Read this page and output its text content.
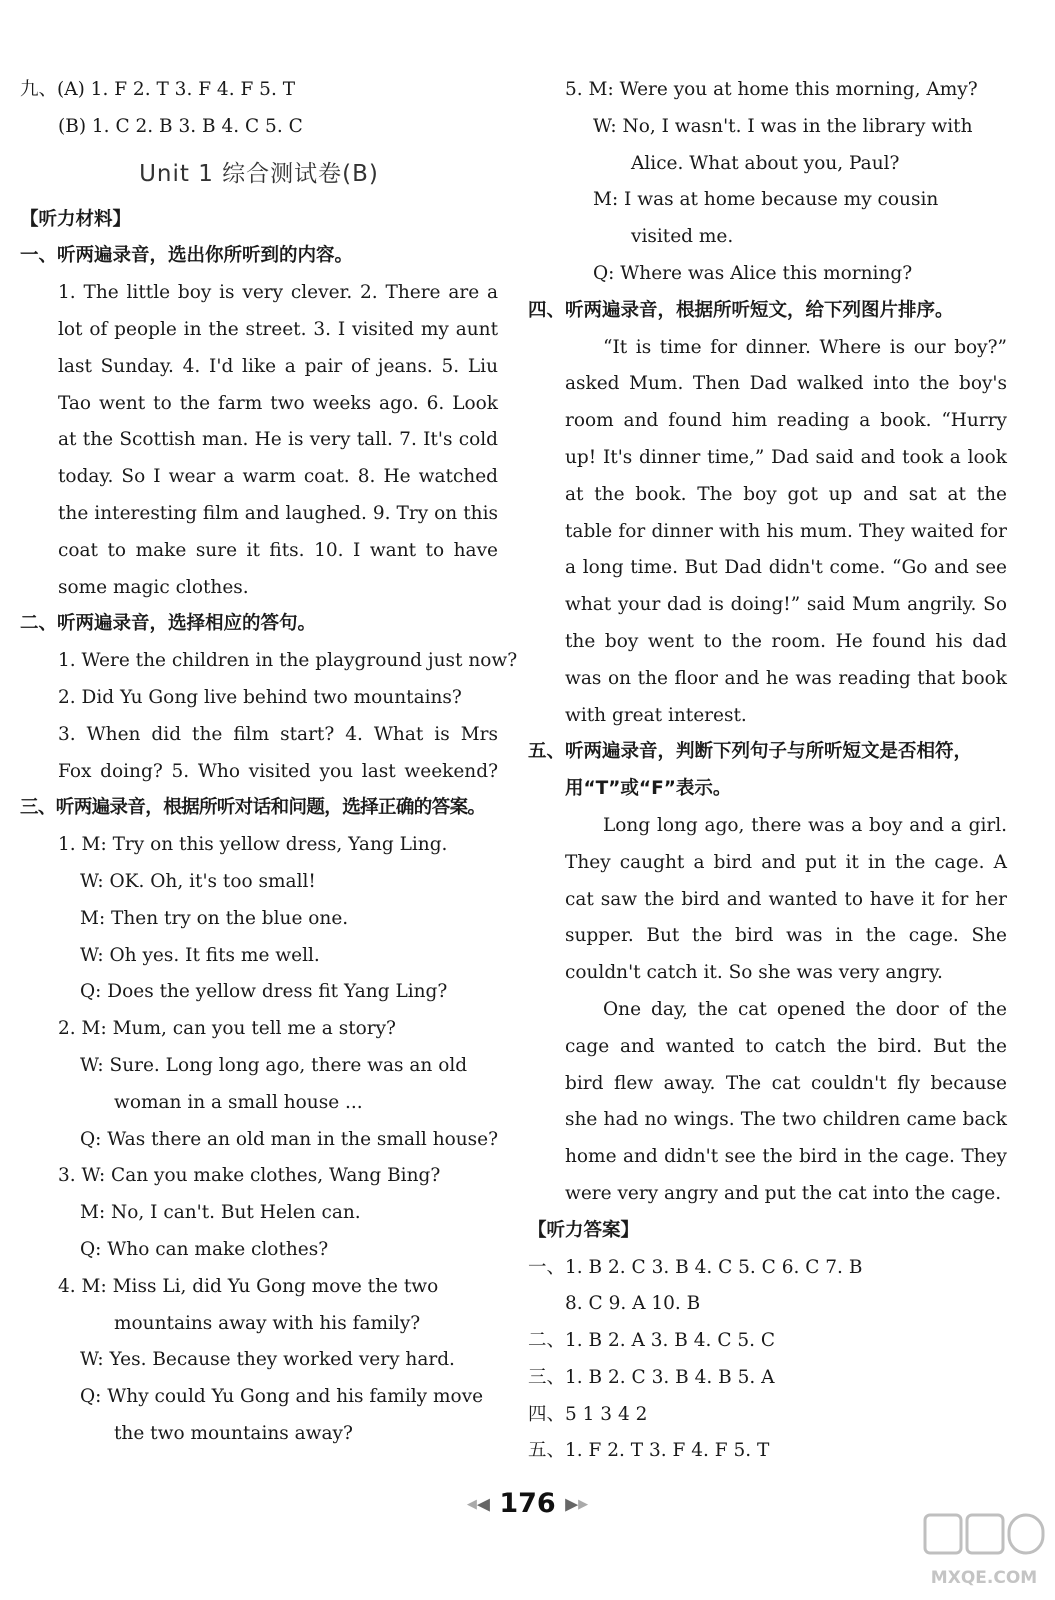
九、(A) 1. F 2. T 3. F 4. F 5. T
(B) 1. C 2. B 3. B 4. C 5. C
Unit 1 综合测试卷(B)
【听力材料】
一、听两遍录音，选出你所听到的内容。
1. The little boy is very clever. 2. There are a
lot of people in the street. 3. I visited my aunt
last Sunday. 4. I'd like a pair of jeans. 5. Liu
Tao went to the farm two weeks ago. 6. Look
at the Scottish man. He is very tall. 7. It's cold
today. So I wear a warm coat. 8. He watched
the interesting film and laughed. 9. Try on this
coat to make sure it fits. 10. I want to have
some magic clothes.
二、听两遍录音，选择相应的答句。
1. Were the children in the playground just now?
2. Did Yu Gong live behind two mountains?
3. When did the film start? 4. What is Mrs
Fox doing? 5. Who visited you last weekend?
三、听两遍录音，根据所听对话和问题，选择正确的答案。
1. M: Try on this yellow dress, Yang Ling.
W: OK. Oh, it's too small!
M: Then try on the blue one.
W: Oh yes. It fits me well.
Q: Does the yellow dress fit Yang Ling?
2. M: Mum, can you tell me a story?
W: Sure. Long long ago, there was an old
woman in a small house ...
Q: Was there an old man in the small house?
3. W: Can you make clothes, Wang Bing?
M: No, I can't. But Helen can.
Q: Who can make clothes?
4. M: Miss Li, did Yu Gong move the two
mountains away with his family?
W: Yes. Because they worked very hard.
Q: Why could Yu Gong and his family move
the two mountains away?
5. M: Were you at home this morning, Amy?
W: No, I wasn't. I was in the library with
Alice. What about you, Paul?
M: I was at home because my cousin
visited me.
Q: Where was Alice this morning?
四、听两遍录音，根据所听短文，给下列图片排序。
“It is time for dinner. Where is our boy?” asked Mum. Then Dad walked into the boy's room and found him reading a book. “Hurry up! It's dinner time,” Dad said and took a look at the book. The boy got up and sat at the table for dinner with his mum. They waited for a long time. But Dad didn't come. “Go and see what your dad is doing!” said Mum angrily. So the boy went to the room. He found his dad was on the floor and he was reading that book with great interest.
五、听两遍录音，判断下列句子与所听短文是否相符，
用“T”或“F”表示。
Long long ago, there was a boy and a girl. They caught a bird and put it in the cage. A cat saw the bird and wanted to have it for her supper. But the bird was in the cage. She couldn't catch it. So she was very angry.
One day, the cat opened the door of the cage and wanted to catch the bird. But the bird flew away. The cat couldn't fly because she had no wings. The two children came back home and didn't see the bird in the cage. They were very angry and put the cat into the cage.
【听力答案】
一、1. B 2. C 3. B 4. C 5. C 6. C 7. B
8. C 9. A 10. B
二、1. B 2. A 3. B 4. C 5. C
三、1. B 2. C 3. B 4. B 5. A
四、5 1 3 4 2
五、1. F 2. T 3. F 4. F 5. T
◀◀ 176 ▶▶
MXQE.COM
